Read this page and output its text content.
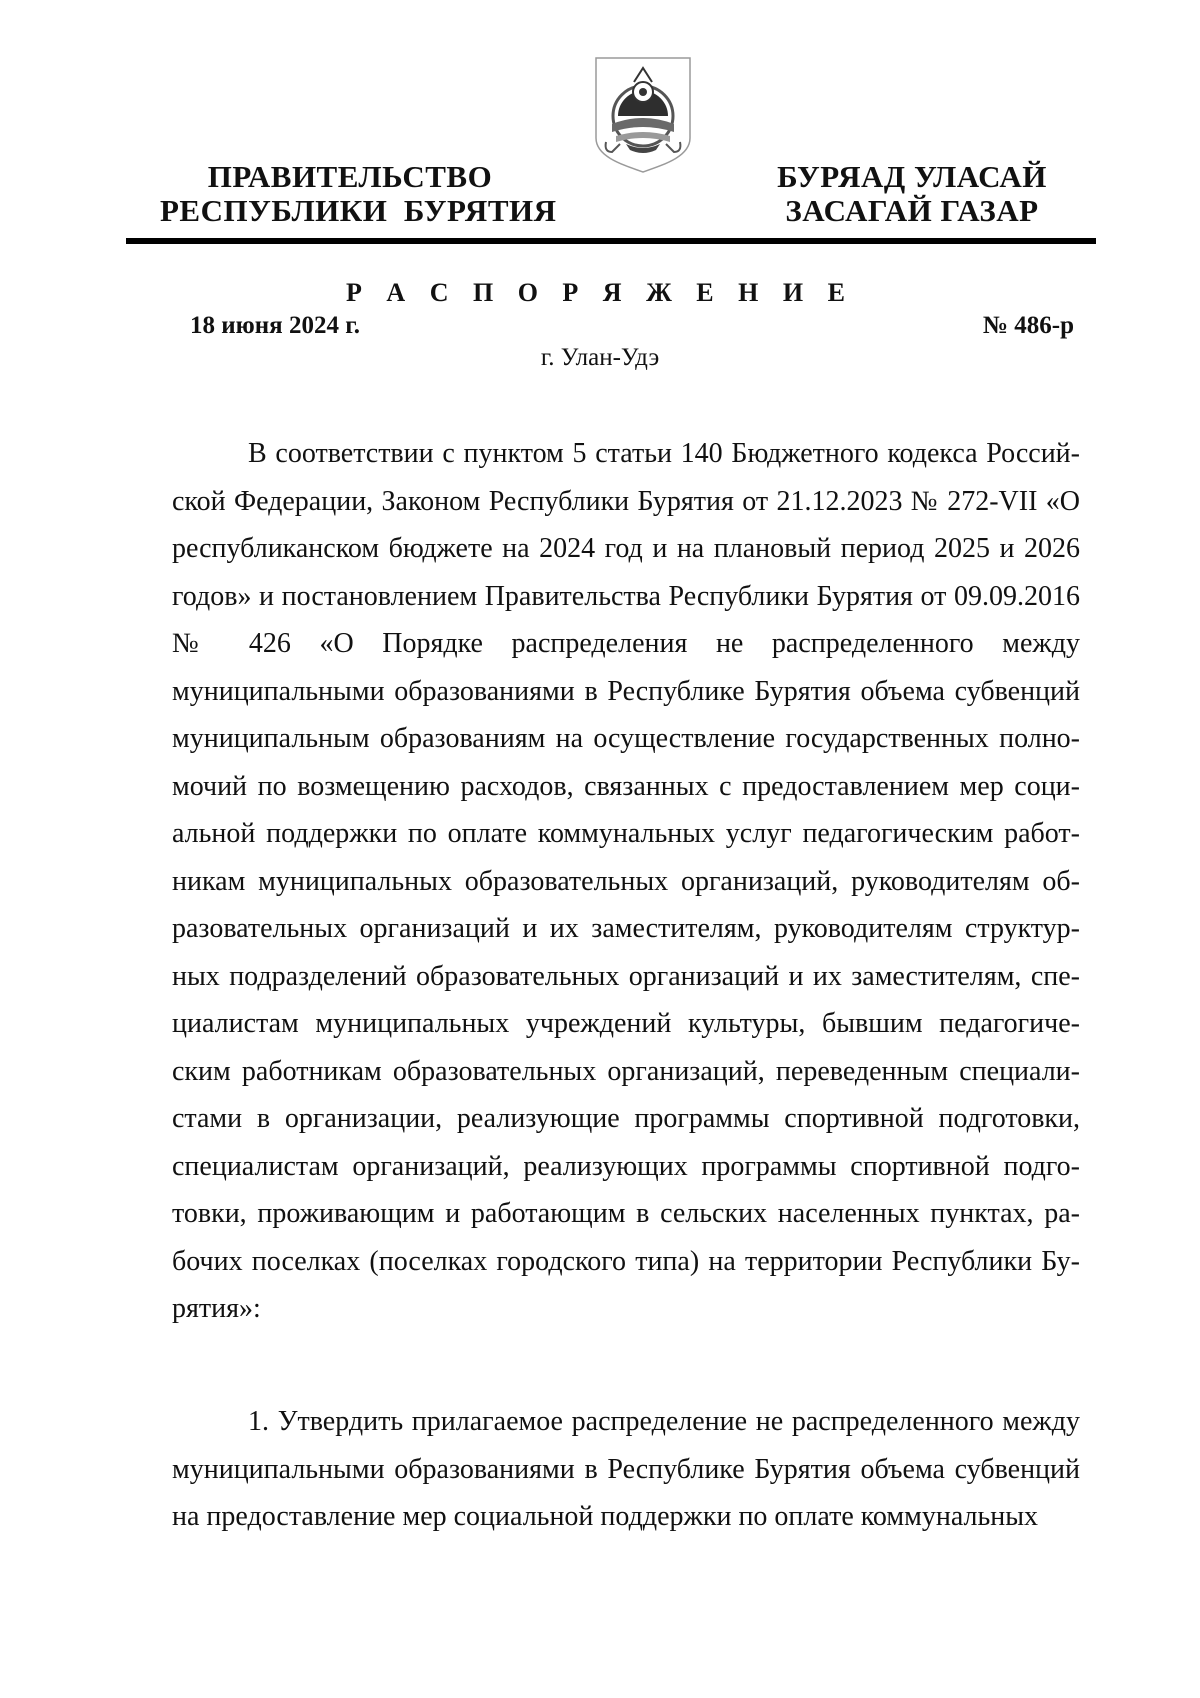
ПРАВИТЕЛЬСТВО
РЕСПУБЛИКИ  БУРЯТИЯ
БУРЯАД УЛАСАЙ
ЗАСАГАЙ ГАЗАР
Р А С П О Р Я Ж Е Н И Е
18 июня 2024 г.	№ 486-р
г. Улан-Удэ

В соответствии с пунктом 5 статьи 140 Бюджетного кодекса Российской Федерации, Законом Республики Бурятия от 21.12.2023 № 272-VII «О республиканском бюджете на 2024 год и на плановый период 2025 и 2026 годов» и постановлением Правительства Республики Бурятия от 09.09.2016 № 426 «О Порядке распределения не распределенного между муниципальными образованиями в Республике Бурятия объема субвенций муниципальным образованиям на осуществление государственных полномочий по возмещению расходов, связанных с предоставлением мер социальной поддержки по оплате коммунальных услуг педагогическим работникам муниципальных образовательных организаций, руководителям образовательных организаций и их заместителям, руководителям структурных подразделений образовательных организаций и их заместителям, специалистам муниципальных учреждений культуры, бывшим педагогическим работникам образовательных организаций, переведенным специалистами в организации, реализующие программы спортивной подготовки, специалистам организаций, реализующих программы спортивной подготовки, проживающим и работающим в сельских населенных пунктах, рабочих поселках (поселках городского типа) на территории Республики Бурятия»:

1. Утвердить прилагаемое распределение не распределенного между муниципальными образованиями в Республике Бурятия объема субвенций на предоставление мер социальной поддержки по оплате коммунальных
